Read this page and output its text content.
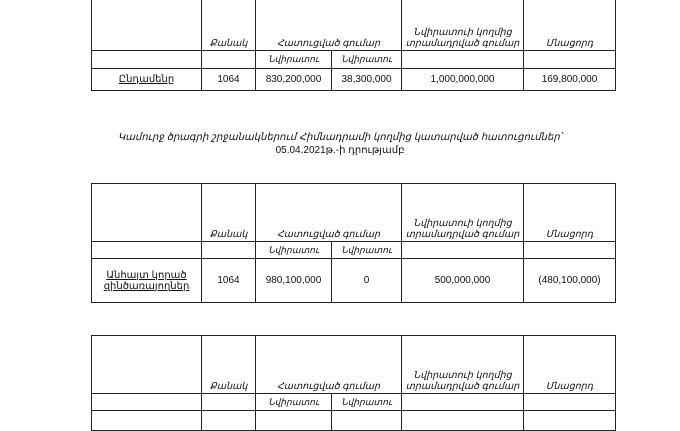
	Քանակ	Հատուցված գումար		Նվիրատուի կողմից տրամադրված գումար	Մնացորդ
		Նվիրատու	Նվիրատու		
Ընդամենը	1064	830,200,000	38,300,000	1,000,000,000	169,800,000
Կամուրջ ծրագրի շրջանակներում Հիմնադրամի կողմից կատարված հատուցումներ՝
05.04.2021թ.-ի դրությամբ
	Քանակ	Հատուցված գումար		Նվիրատուի կողմից տրամադրված գումար	Մնացորդ
		Նվիրատու	Նվիրատու		
Անհայտ կորած զինծառայողներ	1064	980,100,000	0	500,000,000	(480,100,000)
	Քանակ	Հատուցված գումար		Նվիրատուի կողմից տրամադրված գումար	Մնացորդ
		Նվիրատու	Նվիրատու		
